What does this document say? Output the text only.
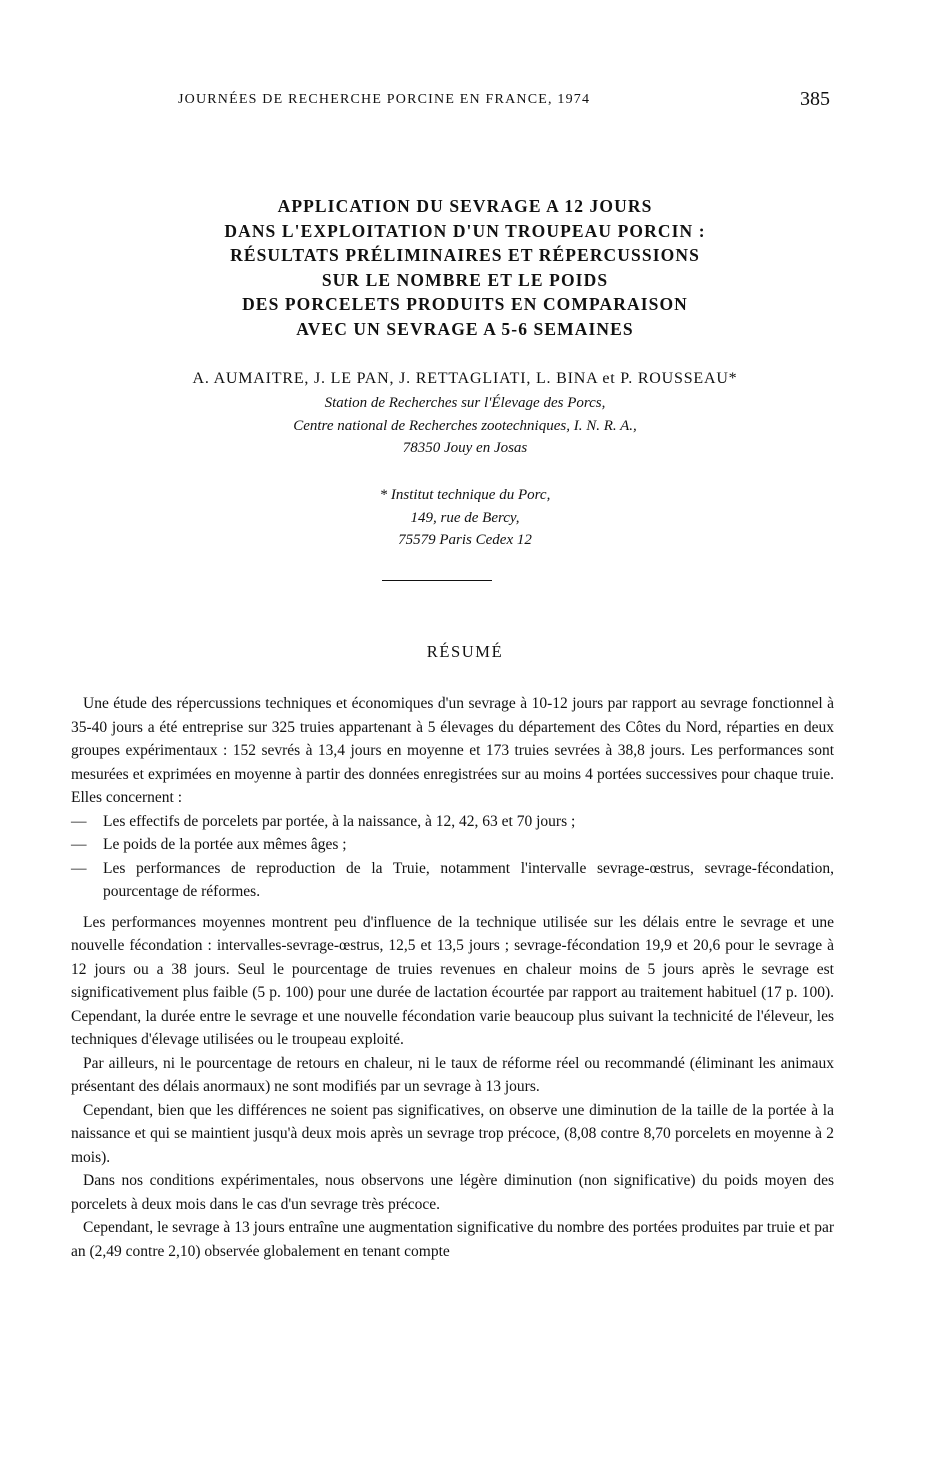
JOURNÉES DE RECHERCHE PORCINE EN FRANCE, 1974	385
APPLICATION DU SEVRAGE A 12 JOURS
DANS L'EXPLOITATION D'UN TROUPEAU PORCIN :
RÉSULTATS PRÉLIMINAIRES ET RÉPERCUSSIONS
SUR LE NOMBRE ET LE POIDS
DES PORCELETS PRODUITS EN COMPARAISON
AVEC UN SEVRAGE A 5-6 SEMAINES
A. AUMAITRE, J. LE PAN, J. RETTAGLIATI, L. BINA et P. ROUSSEAU*
Station de Recherches sur l'Élevage des Porcs,
Centre national de Recherches zootechniques, I. N. R. A.,
78350 Jouy en Josas
* Institut technique du Porc,
149, rue de Bercy,
75579 Paris Cedex 12
RÉSUMÉ

Une étude des répercussions techniques et économiques d'un sevrage à 10-12 jours par rapport au sevrage fonctionnel à 35-40 jours a été entreprise sur 325 truies appartenant à 5 élevages du département des Côtes du Nord, réparties en deux groupes expérimentaux : 152 sevrés à 13,4 jours en moyenne et 173 truies sevrées à 38,8 jours. Les performances sont mesurées et exprimées en moyenne à partir des données enregistrées sur au moins 4 portées successives pour chaque truie. Elles concernent :

— Les effectifs de porcelets par portée, à la naissance, à 12, 42, 63 et 70 jours ;
— Le poids de la portée aux mêmes âges ;
— Les performances de reproduction de la Truie, notamment l'intervalle sevrage-œstrus, sevrage-fécondation, pourcentage de réformes.

Les performances moyennes montrent peu d'influence de la technique utilisée sur les délais entre le sevrage et une nouvelle fécondation : intervalles-sevrage-œstrus, 12,5 et 13,5 jours ; sevrage-fécondation 19,9 et 20,6 pour le sevrage à 12 jours ou a 38 jours. Seul le pourcentage de truies revenues en chaleur moins de 5 jours après le sevrage est significativement plus faible (5 p. 100) pour une durée de lactation écourtée par rapport au traitement habituel (17 p. 100). Cependant, la durée entre le sevrage et une nouvelle fécondation varie beaucoup plus suivant la technicité de l'éleveur, les techniques d'élevage utilisées ou le troupeau exploité.

Par ailleurs, ni le pourcentage de retours en chaleur, ni le taux de réforme réel ou recommandé (éliminant les animaux présentant des délais anormaux) ne sont modifiés par un sevrage à 13 jours.

Cependant, bien que les différences ne soient pas significatives, on observe une diminution de la taille de la portée à la naissance et qui se maintient jusqu'à deux mois après un sevrage trop précoce, (8,08 contre 8,70 porcelets en moyenne à 2 mois).

Dans nos conditions expérimentales, nous observons une légère diminution (non significative) du poids moyen des porcelets à deux mois dans le cas d'un sevrage très précoce.

Cependant, le sevrage à 13 jours entraîne une augmentation significative du nombre des portées produites par truie et par an (2,49 contre 2,10) observée globalement en tenant compte
